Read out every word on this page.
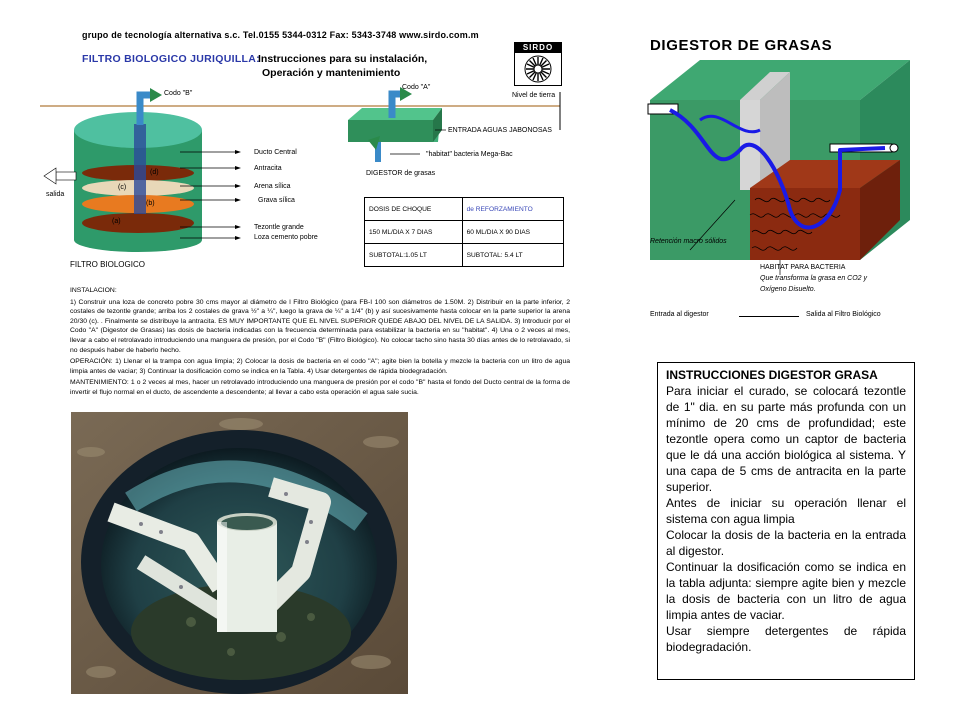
grupo de tecnología alternativa s.c. Tel.0155 5344-0312 Fax: 5343-3748 www.sirdo.com.m
FILTRO BIOLOGICO JURIQUILLA:
Instrucciones para su instalación,
Operación y mantenimiento
SIRDO
Codo "B"
Codo "A"
Nivel de tierra
ENTRADA AGUAS JABONOSAS
"habitat" bacteria Mega-Bac
DIGESTOR de grasas
Ducto Central
Antracita
Arena sílica
Grava sílica
Tezontle grande
Loza cemento pobre
salida
(d)
(c)
(b)
(a)
FILTRO BIOLOGICO
DOSIS DE CHOQUE	de REFORZAMIENTO
150 ML/DIA X 7 DIAS	60 ML/DIA X 90 DIAS
SUBTOTAL:1.05 LT	SUBTOTAL: 5.4 LT

INSTALACION:

1) Construir una loza de concreto pobre 30 cms mayor al diámetro de l Filtro Biológico (para FB-I 100 son diámetros de 1.50M. 2) Distribuir en la parte inferior, 2 costales de tezontle grande; arriba los 2 costales de grava ½" a ¼", luego la grava de ¼" a 1/4" (b) y así sucesivamente hasta colocar en la parte superior la arena 20/30 (c). . Finalmente se distribuye la antracita. ES MUY IMPORTANTE QUE EL NIVEL SUPERIOR QUEDE ABAJO DEL NIVEL DE LA SALIDA. 3) Introducir por el Codo "A" (Digestor de Grasas) las dosis de bacteria indicadas con la frecuencia determinada para estabilizar la bacteria en su "habitat". 4) Una o 2 veces al mes, llevar a cabo el retrolavado introduciendo una manguera de presión, por el Codo "B" (Filtro Biológico). No colocar tacho sino hasta 30 días antes de lo retrolavado, si no después haber de haberlo hecho.

OPERACIÓN: 1) Llenar el la trampa con agua limpia; 2) Colocar la dosis de bacteria en el codo "A"; agite bien la botella y mezcle la bacteria con un litro de agua limpia antes de vaciar; 3) Continuar la dosificación como se indica en la Tabla. 4) Usar detergentes de rápida biodegradación.

MANTENIMIENTO: 1 o 2 veces al mes, hacer un retrolavado introduciendo una manguera de presión por el codo "B" hasta el fondo del Ducto central de la forma de invertir el flujo normal en el ducto, de ascendente a descendente; al llevar a cabo esta operación el agua sale sucia.

DIGESTOR DE GRASAS
Retención macro sólidos
HABITAT PARA BACTERIA
Que transforma la grasa en CO2 y
Oxígeno Disuelto.
Entrada al digestor	Salida al Filtro Biológico

INSTRUCCIONES DIGESTOR GRASA

Para iniciar el curado, se colocará tezontle de 1" dia. en su parte más profunda con un mínimo de 20 cms de profundidad; este tezontle opera como un captor de bacteria que le dá una acción biológica al sistema. Y una capa de 5 cms de antracita en la parte superior.

Antes de iniciar su operación llenar el sistema con agua limpia

Colocar la dosis de la bacteria en la entrada al digestor.

Continuar la dosificación como se indica en la tabla adjunta: siempre agite bien y mezcle la dosis de bacteria con un litro de agua limpia antes de vaciar.

Usar siempre detergentes de rápida biodegradación.
